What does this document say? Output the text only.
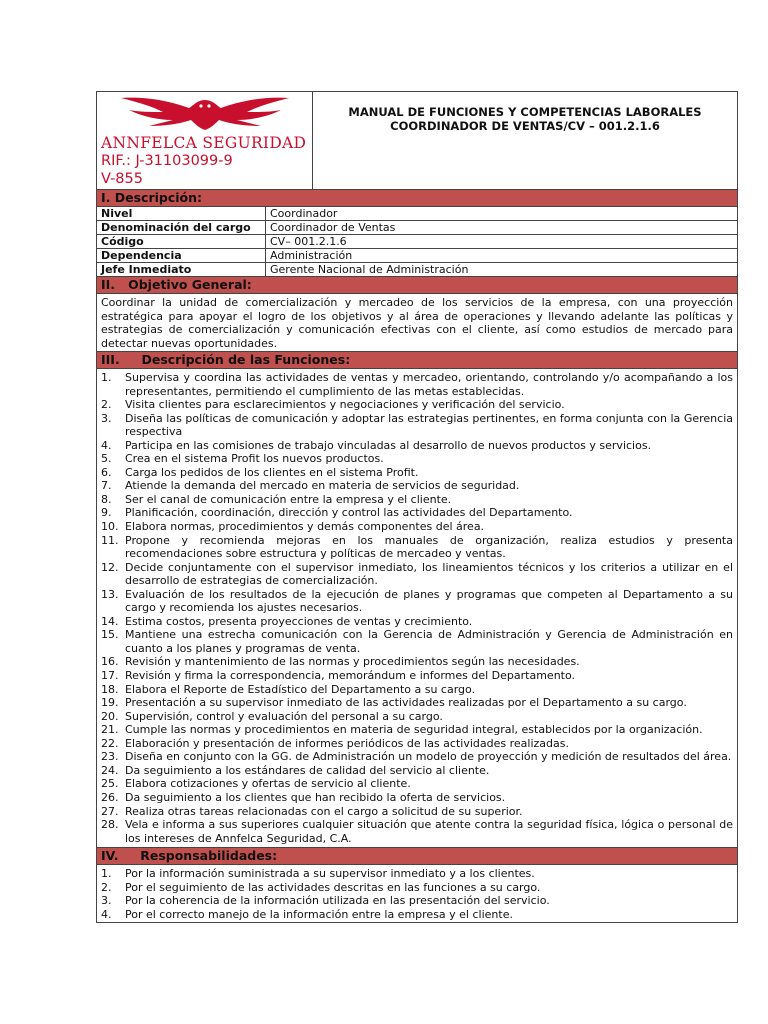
ANNFELCA SEGURIDAD
RIF.: J-31103099-9
V-855
MANUAL DE FUNCIONES Y COMPETENCIAS LABORALES
COORDINADOR DE VENTAS/CV – 001.2.1.6
I. Descripción:
Nivel	Coordinador
Denominación del cargo	Coordinador de Ventas
Código	CV– 001.2.1.6
Dependencia	Administración
Jefe Inmediato	Gerente Nacional de Administración
II.   Objetivo General:
Coordinar la unidad de comercialización y mercadeo de los servicios de la empresa, con una proyección estratégica para apoyar el logro de los objetivos y al área de operaciones y llevando adelante las políticas y estrategias de comercialización y comunicación efectivas con el cliente, así como estudios de mercado para detectar nuevas oportunidades.
III.     Descripción de las Funciones:
1.	Supervisa y coordina las actividades de ventas y mercadeo, orientando, controlando y/o acompañando a los representantes, permitiendo el cumplimiento de las metas establecidas.
2.	Visita clientes para esclarecimientos y negociaciones y verificación del servicio.
3.	Diseña las políticas de comunicación y adoptar las estrategias pertinentes, en forma conjunta con la Gerencia respectiva
4.	Participa en las comisiones de trabajo vinculadas al desarrollo de nuevos productos y servicios.
5.	Crea en el sistema Profit los nuevos productos.
6.	Carga los pedidos de los clientes en el sistema Profit.
7.	Atiende la demanda del mercado en materia de servicios de seguridad.
8.	Ser el canal de comunicación entre la empresa y el cliente.
9.	Planificación, coordinación, dirección y control las actividades del Departamento.
10. Elabora normas, procedimientos y demás componentes del área.
11. Propone y recomienda mejoras en los manuales de organización, realiza estudios y presenta recomendaciones sobre estructura y políticas de mercadeo y ventas.
12. Decide conjuntamente con el supervisor inmediato, los lineamientos técnicos y los criterios a utilizar en el desarrollo de estrategias de comercialización.
13. Evaluación de los resultados de la ejecución de planes y programas que competen al Departamento a su cargo y recomienda los ajustes necesarios.
14. Estima costos, presenta proyecciones de ventas y crecimiento.
15. Mantiene una estrecha comunicación con la Gerencia de Administración y Gerencia de Administración en cuanto a los planes y programas de venta.
16. Revisión y mantenimiento de las normas y procedimientos según las necesidades.
17. Revisión y firma la correspondencia, memorándum e informes del Departamento.
18. Elabora el Reporte de Estadístico del Departamento a su cargo.
19. Presentación a su supervisor inmediato de las actividades realizadas por el Departamento a su cargo.
20. Supervisión, control y evaluación del personal a su cargo.
21. Cumple las normas y procedimientos en materia de seguridad integral, establecidos por la organización.
22. Elaboración y presentación de informes periódicos de las actividades realizadas.
23. Diseña en conjunto con la GG. de Administración un modelo de proyección y medición de resultados del área.
24. Da seguimiento a los estándares de calidad del servicio al cliente.
25. Elabora cotizaciones y ofertas de servicio al cliente.
26. Da seguimiento a los clientes que han recibido la oferta de servicios.
27. Realiza otras tareas relacionadas con el cargo a solicitud de su superior.
28. Vela e informa a sus superiores cualquier situación que atente contra la seguridad física, lógica o personal de los intereses de Annfelca Seguridad, C.A.
IV.     Responsabilidades:
1.	Por la información suministrada a su supervisor inmediato y a los clientes.
2.	Por el seguimiento de las actividades descritas en las funciones a su cargo.
3.	Por la coherencia de la información utilizada en las presentación del servicio.
4.	Por el correcto manejo de la información entre la empresa y el cliente.
